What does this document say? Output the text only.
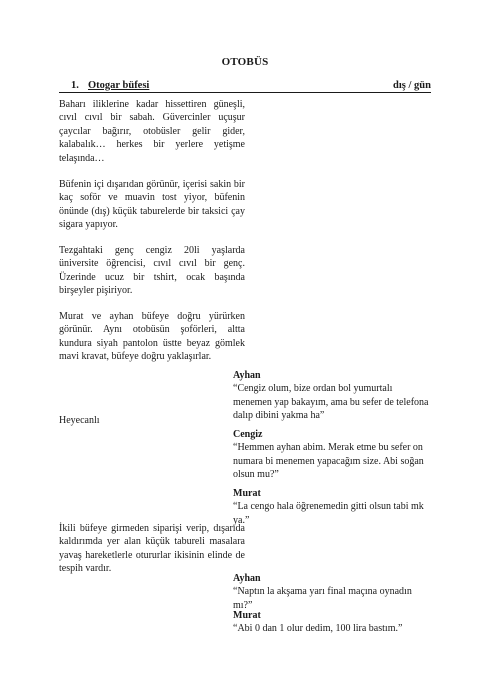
OTOBÜS
1. Otogar büfesi	dış / gün

Baharı iliklerine kadar hissettiren güneşli, cıvıl cıvıl bir sabah. Güvercinler uçuşur çaycılar bağırır, otobüsler gelir gider, kalabalık… herkes bir yerlere yetişme telaşında…

Büfenin içi dışarıdan görünür, içerisi sakin bir kaç soför ve muavin tost yiyor, büfenin önünde (dış) küçük taburelerde bir taksici çay sigara yapıyor.

Tezgahtaki genç cengiz 20li yaşlarda üniversite öğrencisi, cıvıl cıvıl bir genç. Üzerinde ucuz bir tshirt, ocak başında birşeyler pişiriyor.

Murat ve ayhan büfeye doğru yürürken görünür. Aynı otobüsün şoförleri, altta kundura siyah pantolon üstte beyaz gömlek mavi kravat, büfeye doğru yaklaşırlar.

Heyecanlı

İkili büfeye girmeden siparişi verip, dışarıda kaldırımda yer alan küçük tabureli masalara yavaş hareketlerle otururlar ikisinin elinde de tespih vardır.

Ayhan
“Cengiz olum, bize ordan bol yumurtalı menemen yap bakayım, ama bu sefer de telefona dalıp dibini yakma ha”
Cengiz
“Hemmen ayhan abim. Merak etme bu sefer on numara bi menemen yapacağım size. Abi soğan olsun mu?”
Murat
“La cengo hala öğrenemedin gitti olsun tabi mk ya.”
Ayhan
“Naptın la akşama yarı final maçına oynadın mı?”
Murat
“Abi 0 dan 1 olur dedim, 100 lira bastım.”
